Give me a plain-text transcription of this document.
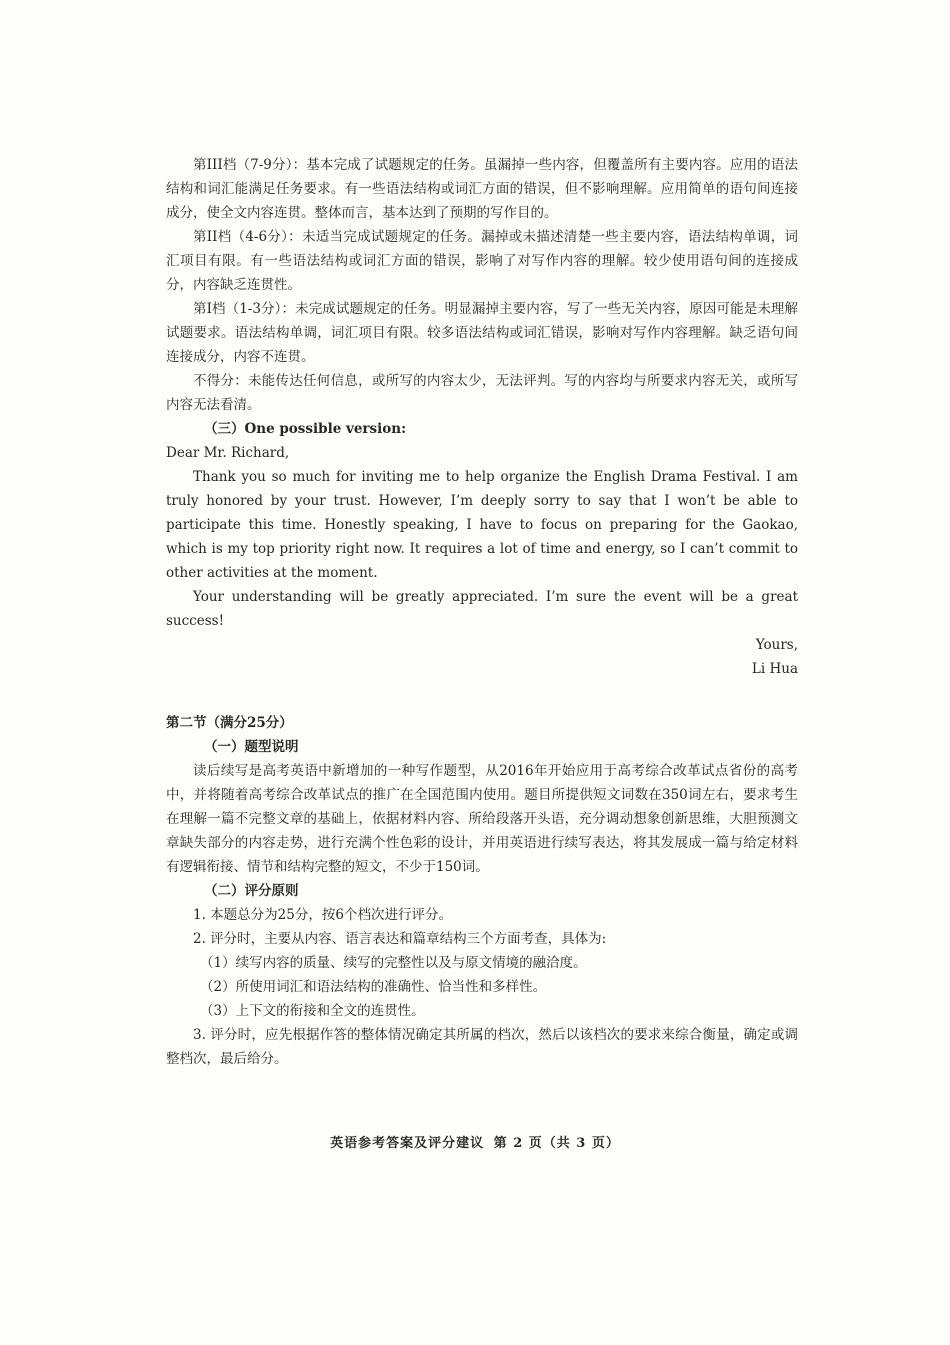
第III档（7-9分）：基本完成了试题规定的任务。虽漏掉一些内容，但覆盖所有主要内容。应用的语法结构和词汇能满足任务要求。有一些语法结构或词汇方面的错误，但不影响理解。应用简单的语句间连接成分，使全文内容连贯。整体而言，基本达到了预期的写作目的。

第II档（4-6分）：未适当完成试题规定的任务。漏掉或未描述清楚一些主要内容，语法结构单调，词汇项目有限。有一些语法结构或词汇方面的错误，影响了对写作内容的理解。较少使用语句间的连接成分，内容缺乏连贯性。

第I档（1-3分）：未完成试题规定的任务。明显漏掉主要内容，写了一些无关内容，原因可能是未理解试题要求。语法结构单调，词汇项目有限。较多语法结构或词汇错误，影响对写作内容理解。缺乏语句间连接成分，内容不连贯。

不得分：未能传达任何信息，或所写的内容太少，无法评判。写的内容均与所要求内容无关，或所写内容无法看清。

（三）One possible version:

Dear Mr. Richard,

Thank you so much for inviting me to help organize the English Drama Festival. I am truly honored by your trust. However, I’m deeply sorry to say that I won’t be able to participate this time. Honestly speaking, I have to focus on preparing for the Gaokao, which is my top priority right now. It requires a lot of time and energy, so I can’t commit to other activities at the moment.

Your understanding will be greatly appreciated. I’m sure the event will be a great success!

Yours,

Li Hua

第二节（满分25分）

（一）题型说明

读后续写是高考英语中新增加的一种写作题型，从2016年开始应用于高考综合改革试点省份的高考中，并将随着高考综合改革试点的推广在全国范围内使用。题目所提供短文词数在350词左右，要求考生在理解一篇不完整文章的基础上，依据材料内容、所给段落开头语，充分调动想象创新思维，大胆预测文章缺失部分的内容走势，进行充满个性色彩的设计，并用英语进行续写表达，将其发展成一篇与给定材料有逻辑衔接、情节和结构完整的短文，不少于150词。

（二）评分原则

1. 本题总分为25分，按6个档次进行评分。

2. 评分时，主要从内容、语言表达和篇章结构三个方面考查，具体为:

（1）续写内容的质量、续写的完整性以及与原文情境的融洽度。

（2）所使用词汇和语法结构的准确性、恰当性和多样性。

（3）上下文的衔接和全文的连贯性。

3. 评分时，应先根据作答的整体情况确定其所属的档次，然后以该档次的要求来综合衡量，确定或调整档次，最后给分。

英语参考答案及评分建议 第 2 页（共 3 页）
